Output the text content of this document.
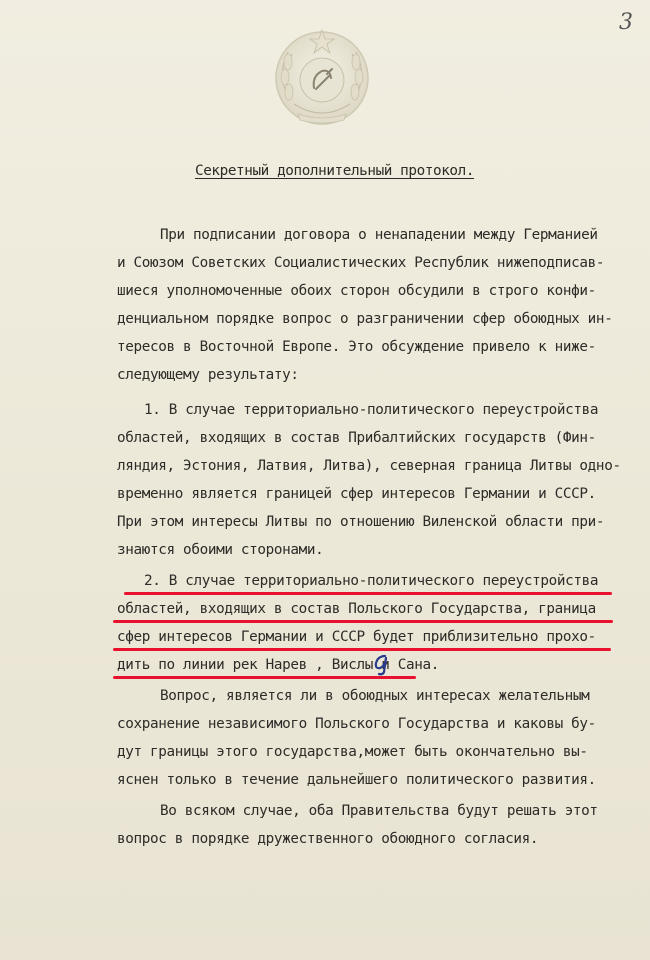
3
Секретный дополнительный протокол.
При подписании договора о ненападении между Германией
и Союзом Советских Социалистических Республик нижеподписав-
шиеся уполномоченные обоих сторон обсудили в строго конфи-
денциальном порядке вопрос о разграничении сфер обоюдных ин-
тересов в Восточной Европе. Это обсуждение привело к ниже-
следующему результату:
1. В случае территориально-политического переустройства
областей, входящих в состав Прибалтийских государств (Фин-
ляндия, Эстония, Латвия, Литва), северная граница Литвы одно-
временно является границей сфер интересов Германии и СССР.
При этом интересы Литвы по отношению Виленской области при-
знаются обоими сторонами.
2. В случае территориально-политического переустройства
областей, входящих в состав Польского Государства, граница
сфер интересов Германии и СССР будет приблизительно прохо-
дить по линии рек Нарев , Вислы и Сана.
Вопрос, является ли в обоюдных интересах желательным
сохранение независимого Польского Государства и каковы бу-
дут границы этого государства,может быть окончательно вы-
яснен только в течение дальнейшего политического развития.
Во всяком случае, оба Правительства будут решать этот
вопрос в порядке дружественного обоюдного согласия.
